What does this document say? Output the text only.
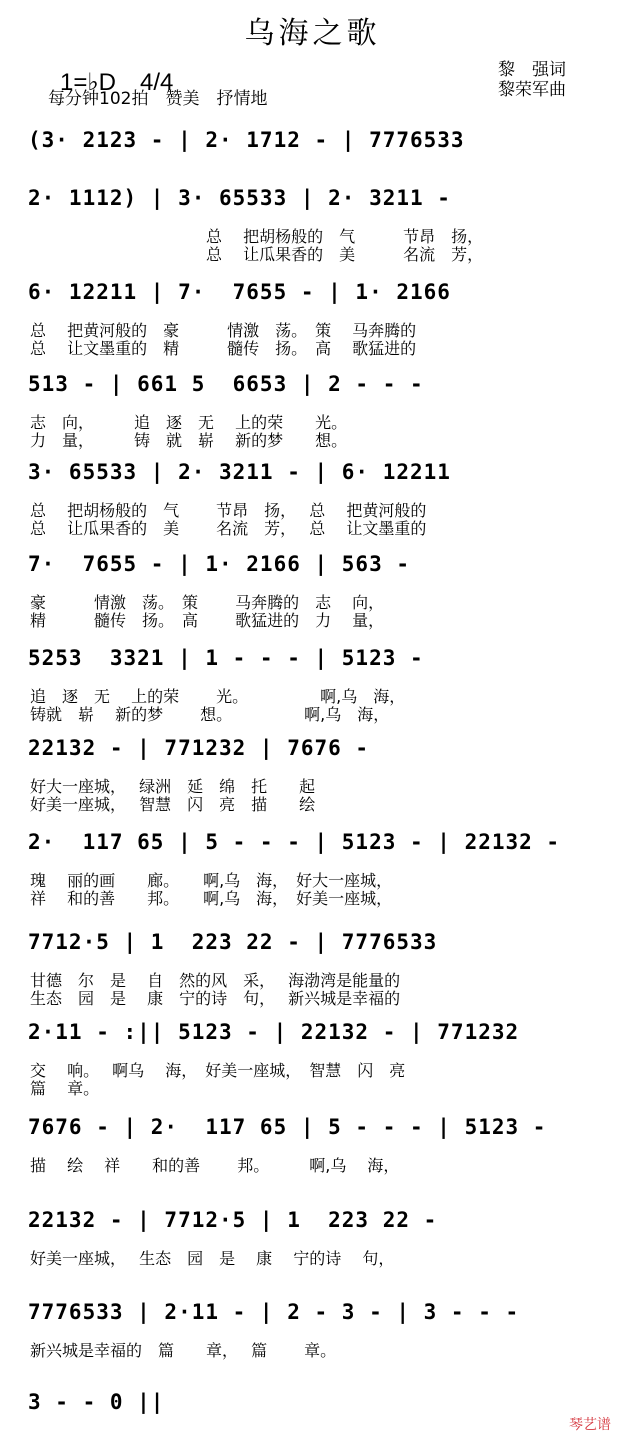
乌海之歌
1=♭D　4/4
每分钟102拍　赞美　抒情地
黎　强词
黎荣军曲
(3· 2123 - | 2· 1712 - | 7776533
2· 1112) | 3· 65533 | 2· 3211 -
　　　　　　　　　　　总　 把胡杨般的　气　　　节昂　扬，
　　　　　　　　　　　总　 让瓜果香的　美　　　名流　芳，
6· 12211 | 7·  7655 - | 1· 2166
总　 把黄河般的　豪　　　情激　荡。　策　 马奔腾的
总　 让文墨重的　精　　　髓传　扬。　高　 歌猛进的
513 - | 661 5  6653 | 2 - - -
志　向，　　　追　逐　无　 上的荣　　光。
力　量，　　　铸　就　崭　 新的梦　　想。
3· 65533 | 2· 3211 - | 6· 12211
总　 把胡杨般的　气　　 节昂　扬，　 总　 把黄河般的
总　 让瓜果香的　美　　 名流　芳，　 总　 让文墨重的
7·  7655 - | 1· 2166 | 563 -
豪　　　情激　荡。　策　　 马奔腾的　志　 向，
精　　　髓传　扬。　高　　 歌猛进的　力　 量，
5253  3321 | 1 - - - | 5123 -
追　逐　无　 上的荣　　 光。　　　　　啊,乌　海，
铸就　崭　 新的梦　　 想。　　　　　啊,乌　海，
22132 - | 771232 | 7676 -
好大一座城，　 绿洲　延　绵　托　　起
好美一座城，　 智慧　闪　亮　描　　绘
2·  117 65 | 5 - - - | 5123 - | 22132 -
瑰　 丽的画　　廊。　　啊,乌　海，　好大一座城，
祥　 和的善　　邦。　　啊,乌　海，　好美一座城，
7712·5 | 1  223 22 - | 7776533
甘德　尔　是　 自　然的风　采，　 海渤湾是能量的
生态　园　是　 康　宁的诗　句，　 新兴城是幸福的
2·11 - :|| 5123 - | 22132 - | 771232
交　 响。　 啊乌　 海，　好美一座城，　智慧　闪　亮
篇　 章。
7676 - | 2·  117 65 | 5 - - - | 5123 -
描　 绘　 祥　　和的善　　 邦。　　　啊,乌　 海，
22132 - | 7712·5 | 1  223 22 -
好美一座城，　 生态　园　是　 康　 宁的诗　 句，
7776533 | 2·11 - | 2 - 3 - | 3 - - -
新兴城是幸福的　篇　　章，　 篇　　 章。
3 - - 0 ||
琴艺谱
